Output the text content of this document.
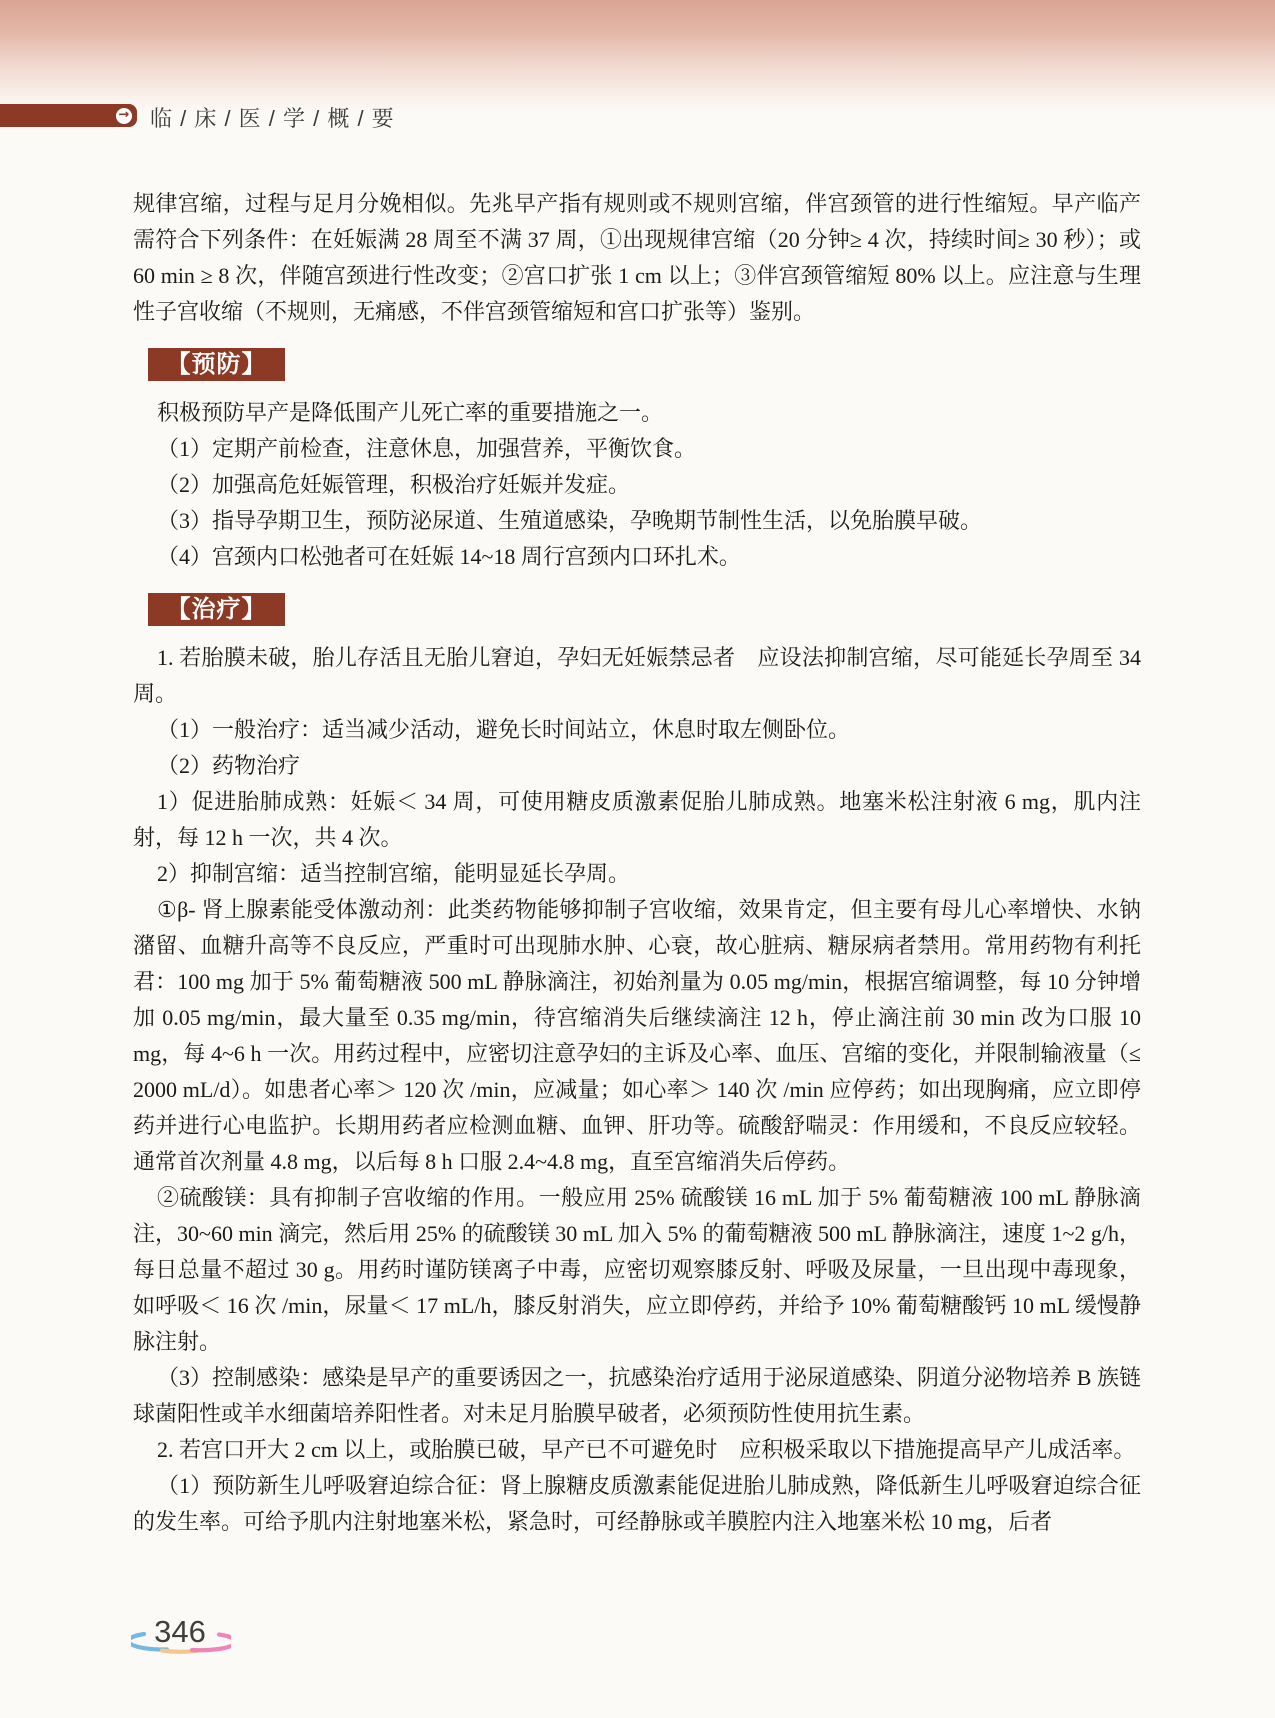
→ 临 / 床 / 医 / 学 / 概 / 要

规律宫缩，过程与足月分娩相似。先兆早产指有规则或不规则宫缩，伴宫颈管的进行性缩短。早产临产需符合下列条件：在妊娠满 28 周至不满 37 周，①出现规律宫缩（20 分钟≥ 4 次，持续时间≥ 30 秒）；或 60 min ≥ 8 次，伴随宫颈进行性改变；②宫口扩张 1 cm 以上；③伴宫颈管缩短 80% 以上。应注意与生理性子宫收缩（不规则，无痛感，不伴宫颈管缩短和宫口扩张等）鉴别。

【预防】

积极预防早产是降低围产儿死亡率的重要措施之一。

（1）定期产前检查，注意休息，加强营养，平衡饮食。

（2）加强高危妊娠管理，积极治疗妊娠并发症。

（3）指导孕期卫生，预防泌尿道、生殖道感染，孕晚期节制性生活，以免胎膜早破。

（4）宫颈内口松弛者可在妊娠 14~18 周行宫颈内口环扎术。

【治疗】

1. 若胎膜未破，胎儿存活且无胎儿窘迫，孕妇无妊娠禁忌者　应设法抑制宫缩，尽可能延长孕周至 34 周。

（1）一般治疗：适当减少活动，避免长时间站立，休息时取左侧卧位。

（2）药物治疗

1）促进胎肺成熟：妊娠＜ 34 周，可使用糖皮质激素促胎儿肺成熟。地塞米松注射液 6 mg，肌内注射，每 12 h 一次，共 4 次。

2）抑制宫缩：适当控制宫缩，能明显延长孕周。

①β- 肾上腺素能受体激动剂：此类药物能够抑制子宫收缩，效果肯定，但主要有母儿心率增快、水钠潴留、血糖升高等不良反应，严重时可出现肺水肿、心衰，故心脏病、糖尿病者禁用。常用药物有利托君：100 mg 加于 5% 葡萄糖液 500 mL 静脉滴注，初始剂量为 0.05 mg/min，根据宫缩调整，每 10 分钟增加 0.05 mg/min，最大量至 0.35 mg/min，待宫缩消失后继续滴注 12 h，停止滴注前 30 min 改为口服 10 mg，每 4~6 h 一次。用药过程中，应密切注意孕妇的主诉及心率、血压、宫缩的变化，并限制输液量（≤ 2000 mL/d）。如患者心率＞ 120 次 /min，应减量；如心率＞ 140 次 /min 应停药；如出现胸痛，应立即停药并进行心电监护。长期用药者应检测血糖、血钾、肝功等。硫酸舒喘灵：作用缓和，不良反应较轻。通常首次剂量 4.8 mg，以后每 8 h 口服 2.4~4.8 mg，直至宫缩消失后停药。

②硫酸镁：具有抑制子宫收缩的作用。一般应用 25% 硫酸镁 16 mL 加于 5% 葡萄糖液 100 mL 静脉滴注，30~60 min 滴完，然后用 25% 的硫酸镁 30 mL 加入 5% 的葡萄糖液 500 mL 静脉滴注，速度 1~2 g/h，每日总量不超过 30 g。用药时谨防镁离子中毒，应密切观察膝反射、呼吸及尿量，一旦出现中毒现象，如呼吸＜ 16 次 /min，尿量＜ 17 mL/h，膝反射消失，应立即停药，并给予 10% 葡萄糖酸钙 10 mL 缓慢静脉注射。

（3）控制感染：感染是早产的重要诱因之一，抗感染治疗适用于泌尿道感染、阴道分泌物培养 B 族链球菌阳性或羊水细菌培养阳性者。对未足月胎膜早破者，必须预防性使用抗生素。

2. 若宫口开大 2 cm 以上，或胎膜已破，早产已不可避免时　应积极采取以下措施提高早产儿成活率。

（1）预防新生儿呼吸窘迫综合征：肾上腺糖皮质激素能促进胎儿肺成熟，降低新生儿呼吸窘迫综合征的发生率。可给予肌内注射地塞米松，紧急时，可经静脉或羊膜腔内注入地塞米松 10 mg，后者

346
